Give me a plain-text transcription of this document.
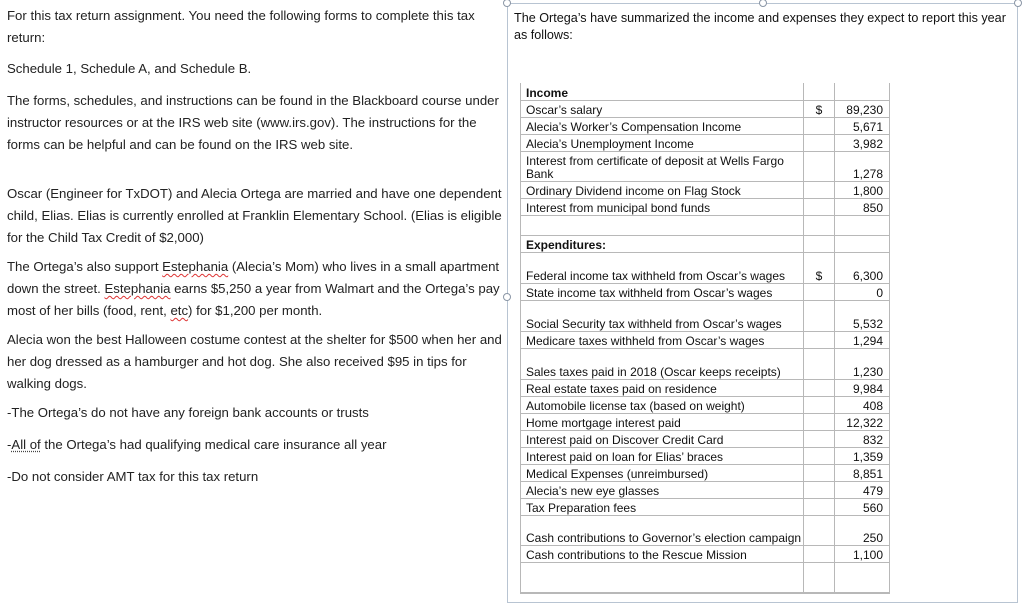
For this tax return assignment. You need the following forms to complete this tax return:

Schedule 1, Schedule A, and Schedule B.

The forms, schedules, and instructions can be found in the Blackboard course under instructor resources or at the IRS web site (www.irs.gov). The instructions for the forms can be helpful and can be found on the IRS web site.

Oscar (Engineer for TxDOT) and Alecia Ortega are married and have one dependent child, Elias. Elias is currently enrolled at Franklin Elementary School. (Elias is eligible for the Child Tax Credit of $2,000)

The Ortega’s also support Estephania (Alecia’s Mom) who lives in a small apartment down the street. Estephania earns $5,250 a year from Walmart and the Ortega’s pay most of her bills (food, rent, etc) for $1,200 per month.

Alecia won the best Halloween costume contest at the shelter for $500 when her and her dog dressed as a hamburger and hot dog. She also received $95 in tips for walking dogs.

-The Ortega’s do not have any foreign bank accounts or trusts

-All of the Ortega’s had qualifying medical care insurance all year

-Do not consider AMT tax for this tax return

The Ortega’s have summarized the income and expenses they expect to report this year as follows:
Income
Oscar’s salary	$	89,230
Alecia’s Worker’s Compensation Income	5,671
Alecia’s Unemployment Income	3,982
Interest from certificate of deposit at Wells Fargo Bank	1,278
Ordinary Dividend income on Flag Stock	1,800
Interest from municipal bond funds	850
Expenditures:
Federal income tax withheld from Oscar’s wages	$	6,300
State income tax withheld from Oscar’s wages	0
Social Security tax withheld from Oscar’s wages	5,532
Medicare taxes withheld from Oscar’s wages	1,294
Sales taxes paid in 2018 (Oscar keeps receipts)	1,230
Real estate taxes paid on residence	9,984
Automobile license tax (based on weight)	408
Home mortgage interest paid	12,322
Interest paid on Discover Credit Card	832
Interest paid on loan for Elias’ braces	1,359
Medical Expenses (unreimbursed)	8,851
Alecia’s new eye glasses	479
Tax Preparation fees	560
Cash contributions to Governor’s election campaign	250
Cash contributions to the Rescue Mission	1,100
